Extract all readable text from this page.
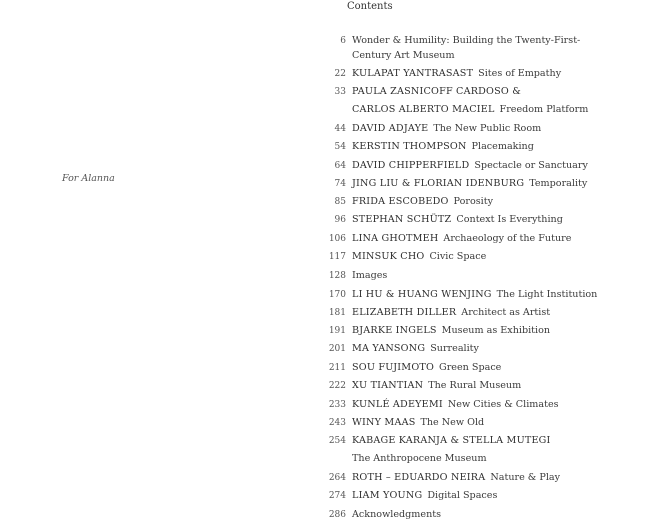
For Alanna
Contents
6 Wonder & Humility: Building the Twenty-First-
Century Art Museum
22 KULAPAT YANTRASAST Sites of Empathy
33 PAULA ZASNICOFF CARDOSO &
CARLOS ALBERTO MACIEL Freedom Platform
44 DAVID ADJAYE The New Public Room
54 KERSTIN THOMPSON Placemaking
64 DAVID CHIPPERFIELD Spectacle or Sanctuary
74 JING LIU & FLORIAN IDENBURG Temporality
85 FRIDA ESCOBEDO Porosity
96 STEPHAN SCHÜTZ Context Is Everything
106 LINA GHOTMEH Archaeology of the Future
117 MINSUK CHO Civic Space
128 Images
170 LI HU & HUANG WENJING The Light Institution
181 ELIZABETH DILLER Architect as Artist
191 BJARKE INGELS Museum as Exhibition
201 MA YANSONG Surreality
211 SOU FUJIMOTO Green Space
222 XU TIANTIAN The Rural Museum
233 KUNLÉ ADEYEMI New Cities & Climates
243 WINY MAAS The New Old
254 KABAGE KARANJA & STELLA MUTEGI
The Anthropocene Museum
264 ROTH – EDUARDO NEIRA Nature & Play
274 LIAM YOUNG Digital Spaces
286 Acknowledgments
